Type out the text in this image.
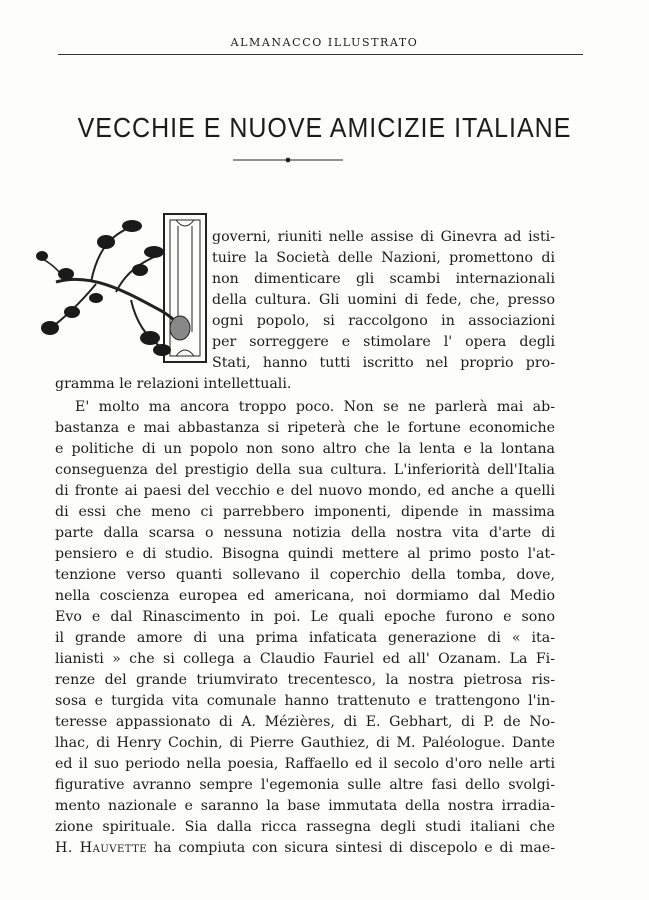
ALMANACCO ILLUSTRATO
VECCHIE E NUOVE AMICIZIE ITALIANE

governi, riuniti nelle assise di Ginevra ad isti-

tuire la Società delle Nazioni, promettono di

non dimenticare gli scambi internazionali

della cultura. Gli uomini di fede, che, presso

ogni popolo, si raccolgono in associazioni

per sorreggere e stimolare l' opera degli

Stati, hanno tutti iscritto nel proprio pro-

gramma le relazioni intellettuali.

E' molto ma ancora troppo poco. Non se ne parlerà mai ab-

bastanza e mai abbastanza si ripeterà che le fortune economiche

e politiche di un popolo non sono altro che la lenta e la lontana

conseguenza del prestigio della sua cultura. L'inferiorità dell'Italia

di fronte ai paesi del vecchio e del nuovo mondo, ed anche a quelli

di essi che meno ci parrebbero imponenti, dipende in massima

parte dalla scarsa o nessuna notizia della nostra vita d'arte di

pensiero e di studio. Bisogna quindi mettere al primo posto l'at-

tenzione verso quanti sollevano il coperchio della tomba, dove,

nella coscienza europea ed americana, noi dormiamo dal Medio

Evo e dal Rinascimento in poi. Le quali epoche furono e sono

il grande amore di una prima infaticata generazione di « ita-

lianisti » che si collega a Claudio Fauriel ed all' Ozanam. La Fi-

renze del grande triumvirato trecentesco, la nostra pietrosa ris-

sosa e turgida vita comunale hanno trattenuto e trattengono l'in-

teresse appassionato di A. Mézières, di E. Gebhart, di P. de No-

lhac, di Henry Cochin, di Pierre Gauthiez, di M. Paléologue. Dante

ed il suo periodo nella poesia, Raffaello ed il secolo d'oro nelle arti

figurative avranno sempre l'egemonia sulle altre fasi dello svolgi-

mento nazionale e saranno la base immutata della nostra irradia-

zione spirituale. Sia dalla ricca rassegna degli studi italiani che

H. Hauvette ha compiuta con sicura sintesi di discepolo e di mae-
